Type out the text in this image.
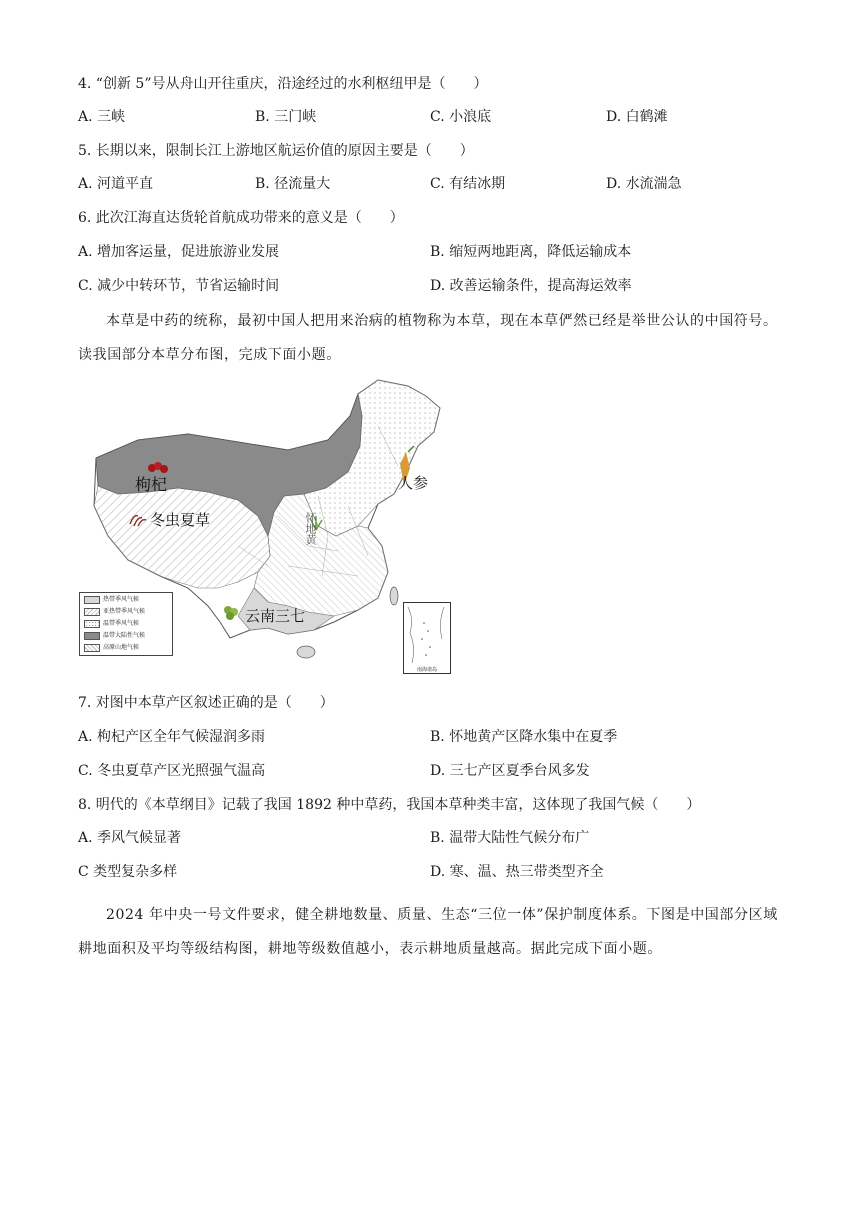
4. “创新 5”号从舟山开往重庆，沿途经过的水利枢纽甲是（　　）
A. 三峡	B. 三门峡	C. 小浪底	D. 白鹤滩
5. 长期以来，限制长江上游地区航运价值的原因主要是（　　）
A. 河道平直	B. 径流量大	C. 有结冰期	D. 水流湍急
6. 此次江海直达货轮首航成功带来的意义是（　　）
A. 增加客运量，促进旅游业发展	B. 缩短两地距离，降低运输成本
C. 减少中转环节，节省运输时间	D. 改善运输条件，提高海运效率
本草是中药的统称，最初中国人把用来治病的植物称为本草，现在本草俨然已经是举世公认的中国符号。读我国部分本草分布图，完成下面小题。
枸杞
冬虫夏草
人参
怀地黄
云南三七
热带季风气候
亚热带季风气候
温带季风气候
温带大陆性气候
高原山地气候
南海诸岛
7. 对图中本草产区叙述正确的是（　　）
A. 枸杞产区全年气候湿润多雨	B. 怀地黄产区降水集中在夏季
C. 冬虫夏草产区光照强气温高	D. 三七产区夏季台风多发
8. 明代的《本草纲目》记载了我国 1892 种中草药，我国本草种类丰富，这体现了我国气候（　　）
A. 季风气候显著	B. 温带大陆性气候分布广
C 类型复杂多样	D. 寒、温、热三带类型齐全
2024 年中央一号文件要求，健全耕地数量、质量、生态“三位一体”保护制度体系。下图是中国部分区域耕地面积及平均等级结构图，耕地等级数值越小，表示耕地质量越高。据此完成下面小题。
